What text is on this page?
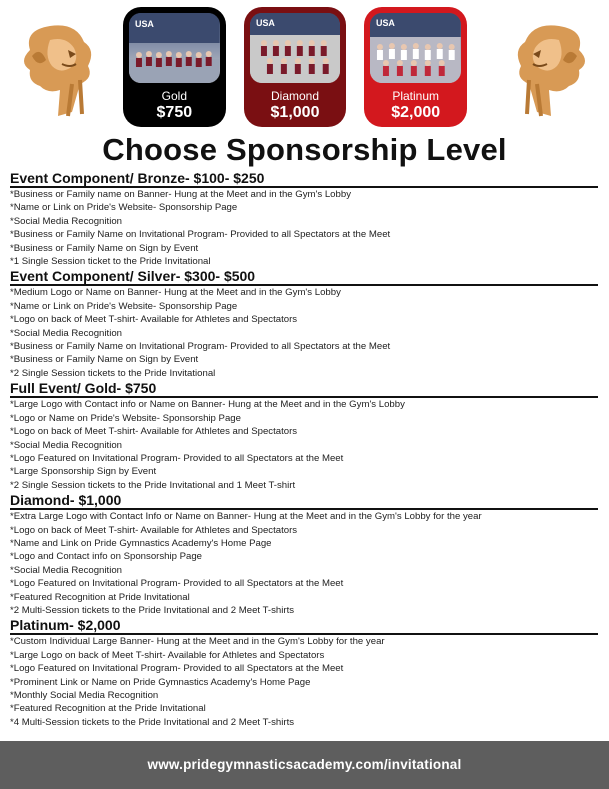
USA
Gold
$750
USA
Diamond
$1,000
USA
Platinum
$2,000
Choose Sponsorship Level
Event Component/ Bronze- $100- $250
*Business or Family name on Banner- Hung at the Meet and in the Gym's Lobby
*Name or Link on Pride's Website- Sponsorship Page
*Social Media Recognition
*Business or Family Name on Invitational Program- Provided to all Spectators at the Meet
*Business or Family Name on Sign by Event
*1 Single Session ticket to the Pride Invitational
Event Component/ Silver- $300- $500
*Medium Logo or Name on Banner- Hung at the Meet and in the Gym's Lobby
*Name or Link on Pride's Website- Sponsorship Page
*Logo on back of Meet T-shirt- Available for Athletes and Spectators
*Social Media Recognition
*Business or Family Name on Invitational Program- Provided to all Spectators at the Meet
*Business or Family Name on Sign by Event
*2 Single Session tickets to the Pride Invitational
Full Event/ Gold- $750
*Large Logo with Contact info or Name on Banner- Hung at the Meet and in the Gym's Lobby
*Logo or Name on Pride's Website- Sponsorship Page
*Logo on back of Meet T-shirt- Available for Athletes and Spectators
*Social Media Recognition
*Logo Featured on Invitational Program- Provided to all Spectators at the Meet
*Large Sponsorship Sign by Event
*2 Single Session tickets to the Pride Invitational and 1 Meet T-shirt
Diamond- $1,000
*Extra Large Logo with Contact Info or Name on Banner- Hung at the Meet and in the Gym's Lobby for the year
*Logo on back of Meet T-shirt- Available for Athletes and Spectators
*Name and Link on Pride Gymnastics Academy's Home Page
*Logo and Contact info on Sponsorship Page
*Social Media Recognition
*Logo Featured on Invitational Program- Provided to all Spectators at the Meet
*Featured Recognition at Pride Invitational
*2 Multi-Session tickets to the Pride Invitational and 2 Meet T-shirts
Platinum- $2,000
*Custom Individual Large Banner- Hung at the Meet and in the Gym's Lobby for the year
*Large Logo on back of Meet T-shirt- Available for Athletes and Spectators
*Logo Featured on Invitational Program- Provided to all Spectators at the Meet
*Prominent Link or Name on Pride Gymnastics Academy's Home Page
*Monthly Social Media Recognition
*Featured Recognition at the Pride Invitational
*4 Multi-Session tickets to the Pride Invitational and 2 Meet T-shirts
www.pridegymnasticsacademy.com/invitational
